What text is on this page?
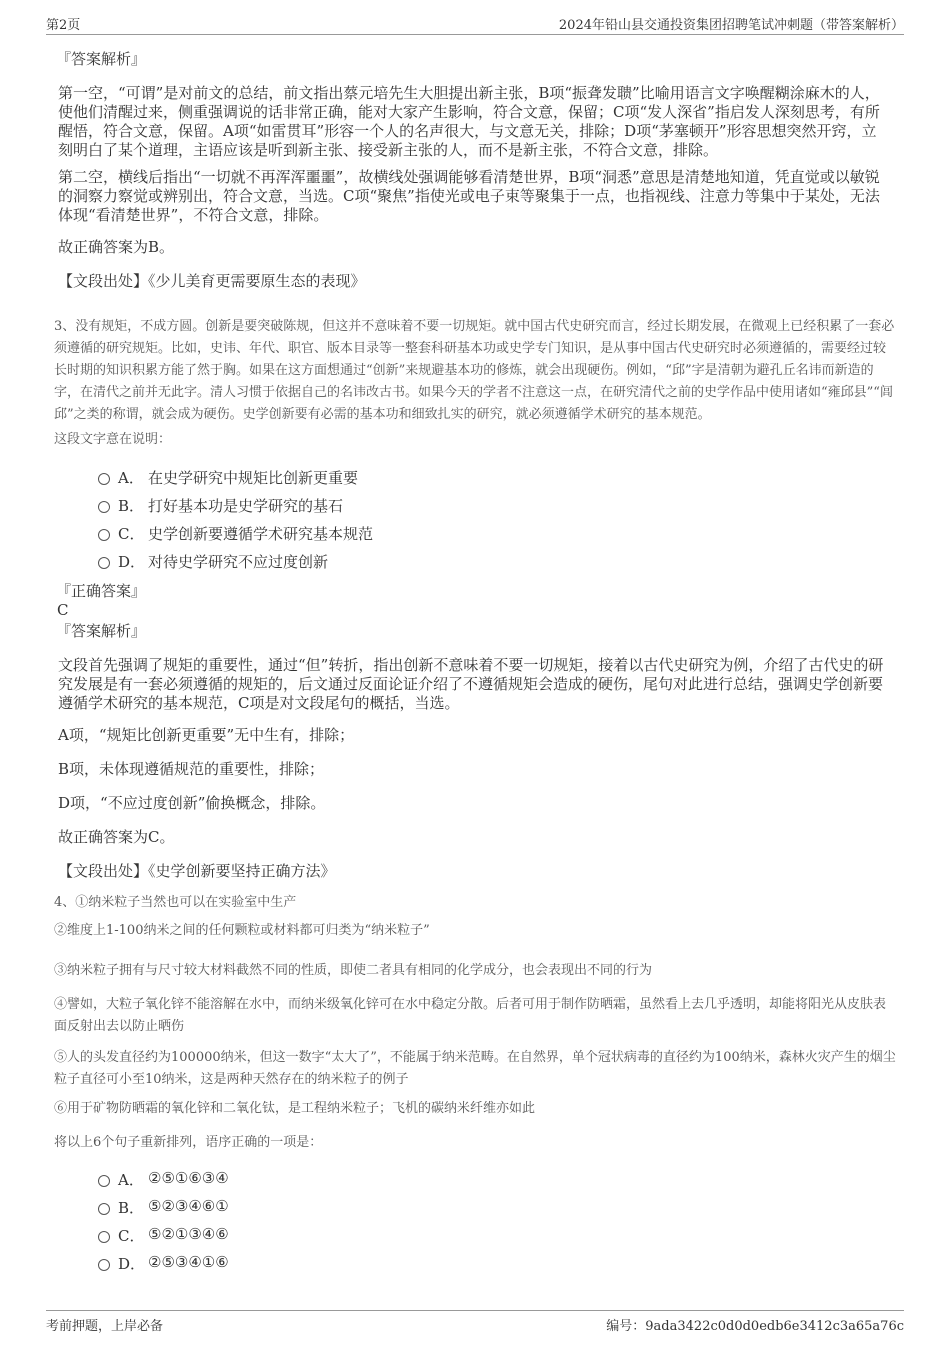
第2页	2024年铅山县交通投资集团招聘笔试冲刺题（带答案解析）
『答案解析』

第一空，“可谓”是对前文的总结，前文指出蔡元培先生大胆提出新主张，B项“振聋发聩”比喻用语言文字唤醒糊涂麻木的人，使他们清醒过来，侧重强调说的话非常正确，能对大家产生影响，符合文意，保留；C项“发人深省”指启发人深刻思考，有所醒悟，符合文意，保留。A项“如雷贯耳”形容一个人的名声很大，与文意无关，排除；D项“茅塞顿开”形容思想突然开窍，立刻明白了某个道理，主语应该是听到新主张、接受新主张的人，而不是新主张，不符合文意，排除。

第二空，横线后指出“一切就不再浑浑噩噩”，故横线处强调能够看清楚世界，B项“洞悉”意思是清楚地知道，凭直觉或以敏锐的洞察力察觉或辨别出，符合文意，当选。C项“聚焦”指使光或电子束等聚集于一点，也指视线、注意力等集中于某处，无法体现“看清楚世界”，不符合文意，排除。

故正确答案为B。

【文段出处】《少儿美育更需要原生态的表现》

3、没有规矩，不成方圆。创新是要突破陈规，但这并不意味着不要一切规矩。就中国古代史研究而言，经过长期发展，在微观上已经积累了一套必须遵循的研究规矩。比如，史讳、年代、职官、版本目录等一整套科研基本功或史学专门知识，是从事中国古代史研究时必须遵循的，需要经过较长时期的知识积累方能了然于胸。如果在这方面想通过“创新”来规避基本功的修炼，就会出现硬伤。例如，“邱”字是清朝为避孔丘名讳而新造的字，在清代之前并无此字。清人习惯于依据自己的名讳改古书。如果今天的学者不注意这一点，在研究清代之前的史学作品中使用诸如“雍邱县”“闾邱”之类的称谓，就会成为硬伤。史学创新要有必需的基本功和细致扎实的研究，就必须遵循学术研究的基本规范。

这段文字意在说明：

A． 在史学研究中规矩比创新更重要
B． 打好基本功是史学研究的基石
C． 史学创新要遵循学术研究基本规范
D． 对待史学研究不应过度创新
『正确答案』
C
『答案解析』

文段首先强调了规矩的重要性，通过“但”转折，指出创新不意味着不要一切规矩，接着以古代史研究为例，介绍了古代史的研究发展是有一套必须遵循的规矩的，后文通过反面论证介绍了不遵循规矩会造成的硬伤，尾句对此进行总结，强调史学创新要遵循学术研究的基本规范，C项是对文段尾句的概括，当选。

A项，“规矩比创新更重要”无中生有，排除；

B项，未体现遵循规范的重要性，排除；

D项，“不应过度创新”偷换概念，排除。

故正确答案为C。

【文段出处】《史学创新要坚持正确方法》

4、①纳米粒子当然也可以在实验室中生产

②维度上1-100纳米之间的任何颗粒或材料都可归类为“纳米粒子”

③纳米粒子拥有与尺寸较大材料截然不同的性质，即使二者具有相同的化学成分，也会表现出不同的行为

④譬如，大粒子氧化锌不能溶解在水中，而纳米级氧化锌可在水中稳定分散。后者可用于制作防晒霜，虽然看上去几乎透明，却能将阳光从皮肤表面反射出去以防止晒伤

⑤人的头发直径约为100000纳米，但这一数字“太大了”，不能属于纳米范畴。在自然界，单个冠状病毒的直径约为100纳米，森林火灾产生的烟尘粒子直径可小至10纳米，这是两种天然存在的纳米粒子的例子

⑥用于矿物防晒霜的氧化锌和二氧化钛，是工程纳米粒子；飞机的碳纳米纤维亦如此

将以上6个句子重新排列，语序正确的一项是：

A． ②⑤①⑥③④
B． ⑤②③④⑥①
C． ⑤②①③④⑥
D． ②⑤③④①⑥
考前押题，上岸必备	编号：9ada3422c0d0d0edb6e3412c3a65a76c
